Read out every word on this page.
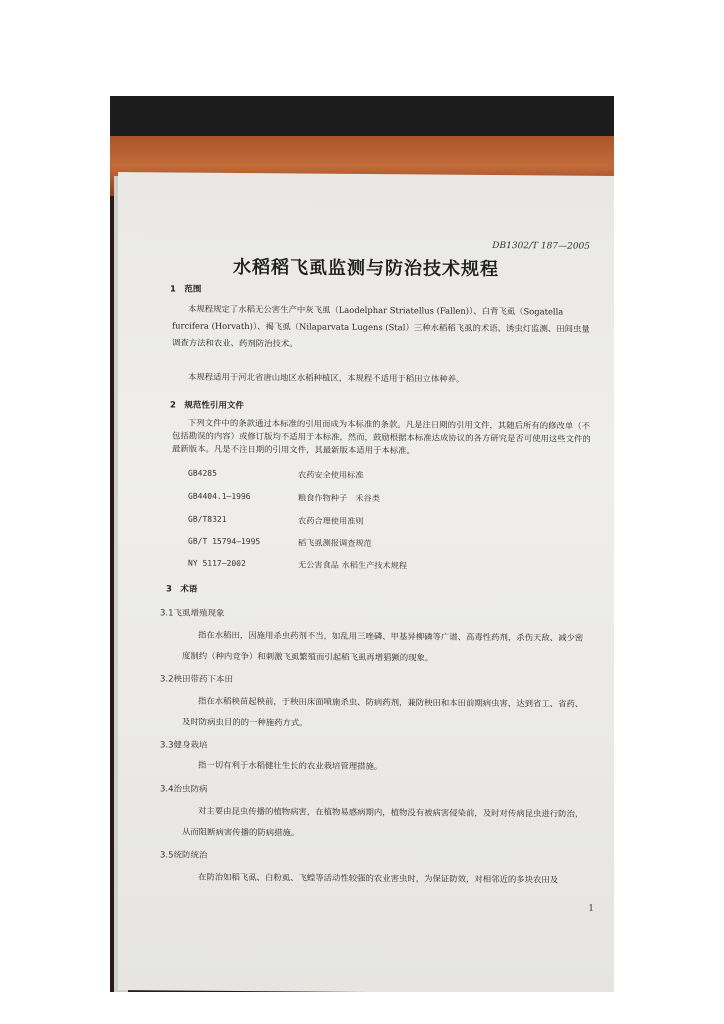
DB1302/T 187—2005
水稻稻飞虱监测与防治技术规程
1　范围
本规程规定了水稻无公害生产中灰飞虱（Laodelphar Striatellus (Fallen)）、白背飞虱（Sogatella furcifera (Horvath)）、褐飞虱（Nilaparvata Lugens (Stal）三种水稻稻飞虱的术语、诱虫灯监测、田间虫量调查方法和农业、药剂防治技术。
本规程适用于河北省唐山地区水稻种植区，本规程不适用于稻田立体种养。
2　规范性引用文件
下列文件中的条款通过本标准的引用而成为本标准的条款。凡是注日期的引用文件，其随后所有的修改单（不包括勘误的内容）或修订版均不适用于本标准，然而，鼓励根据本标准达成协议的各方研究是否可使用这些文件的最新版本。凡是不注日期的引用文件，其最新版本适用于本标准。
GB4285	农药安全使用标准
GB4404.1—1996	粮食作物种子　禾谷类
GB/T8321	农药合理使用准则
GB/T 15794—1995	稻飞虱测报调查规范
NY 5117—2002	无公害食品 水稻生产技术规程
3　术语
3.1飞虱增殖现象
指在水稻田，因施用杀虫药剂不当，如乱用三唑磷、甲基异柳磷等广谱、高毒性药剂，杀伤天敌、减少密度制约（种内竞争）和刺激飞虱繁殖而引起稻飞虱再增猖獗的现象。
3.2秧田带药下本田
指在水稻秧苗起秧前，于秧田床面喷施杀虫、防病药剂，兼防秧田和本田前期病虫害，达到省工、省药、及时防病虫目的的一种施药方式。
3.3健身栽培
指一切有利于水稻健壮生长的农业栽培管理措施。
3.4治虫防病
对主要由昆虫传播的植物病害，在植物易感病期内，植物没有被病害侵染前，及时对传病昆虫进行防治，从而阻断病害传播的防病措施。
3.5统防统治
在防治如稻飞虱、白粉虱、飞蝗等活动性较强的农业害虫时，为保证防效，对相邻近的多块农田及
1
